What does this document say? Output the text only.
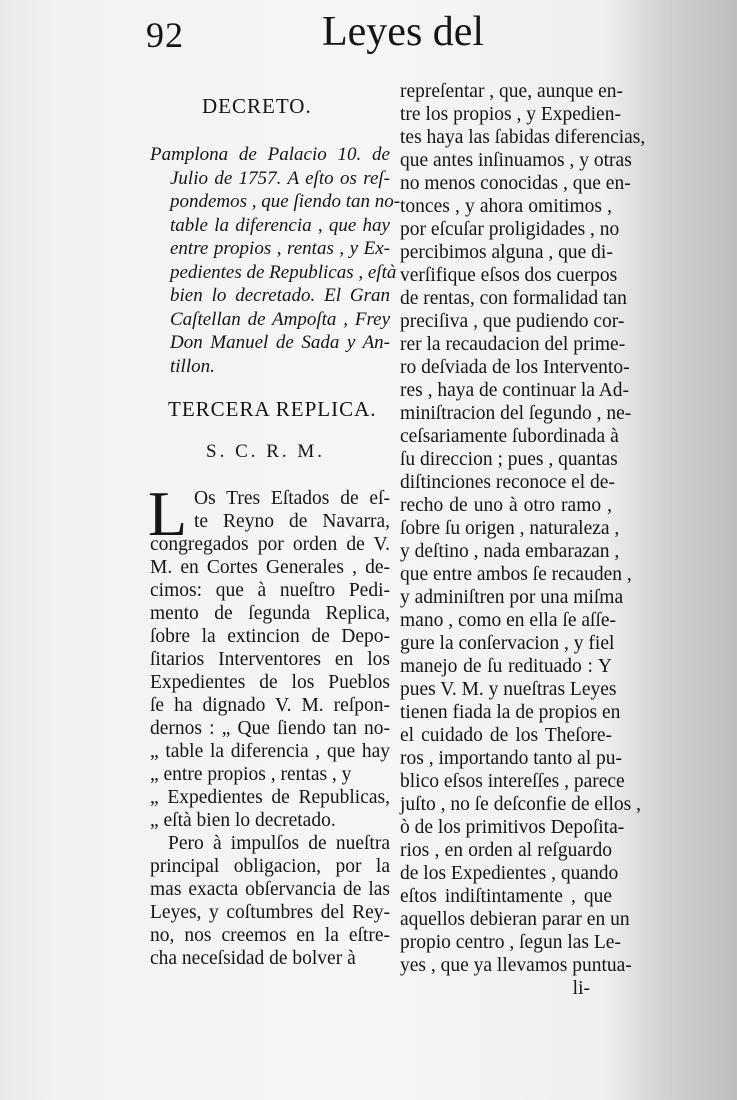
92	Leyes del
DECRETO.
Pamplona de Palacio 10. de
Julio de 1757. A eſto os reſ-
pondemos , que ſiendo tan no-
table la diferencia , que hay
entre propios , rentas , y Ex-
pedientes de Republicas , eſtà
bien lo decretado. El Gran
Caſtellan de Ampoſta , Frey
Don Manuel de Sada y An-
tillon.
TERCERA REPLICA.
S. C. R. M.
L Os Tres Eſtados de eſ-
te Reyno de Navarra,
congregados por orden de V.
M. en Cortes Generales , de-
cimos: que à nueſtro Pedi-
mento de ſegunda Replica,
ſobre la extincion de Depo-
ſitarios Interventores en los
Expedientes de los Pueblos
ſe ha dignado V. M. reſpon-
dernos : „ Que ſiendo tan no-
„ table la diferencia , que hay
„ entre propios , rentas , y
„ Expedientes de Republicas,
„ eſtà bien lo decretado.
Pero à impulſos de nueſtra
principal obligacion, por la
mas exacta obſervancia de las
Leyes, y coſtumbres del Rey-
no, nos creemos en la eſtre-
cha neceſsidad de bolver à
repreſentar , que, aunque en-
tre los propios , y Expedien-
tes haya las ſabidas diferencias,
que antes inſinuamos , y otras
no menos conocidas , que en-
tonces , y ahora omitimos ,
por eſcuſar proligidades , no
percibimos alguna , que di-
verſifique eſsos dos cuerpos
de rentas, con formalidad tan
preciſiva , que pudiendo cor-
rer la recaudacion del prime-
ro deſviada de los Intervento-
res , haya de continuar la Ad-
miniſtracion del ſegundo , ne-
ceſsariamente ſubordinada à
ſu direccion ; pues , quantas
diſtinciones reconoce el de-
recho de uno à otro ramo ,
ſobre ſu origen , naturaleza ,
y deſtino , nada embarazan ,
que entre ambos ſe recauden ,
y adminiſtren por una miſma
mano , como en ella ſe aſſe-
gure la conſervacion , y fiel
manejo de ſu redituado : Y
pues V. M. y nueſtras Leyes
tienen fiada la de propios en
el cuidado de los Theſore-
ros , importando tanto al pu-
blico eſsos intereſſes , parece
juſto , no ſe deſconfie de ellos ,
ò de los primitivos Depoſita-
rios , en orden al reſguardo
de los Expedientes , quando
eſtos indiſtintamente , que
aquellos debieran parar en un
propio centro , ſegun las Le-
yes , que ya llevamos puntua-
li-
